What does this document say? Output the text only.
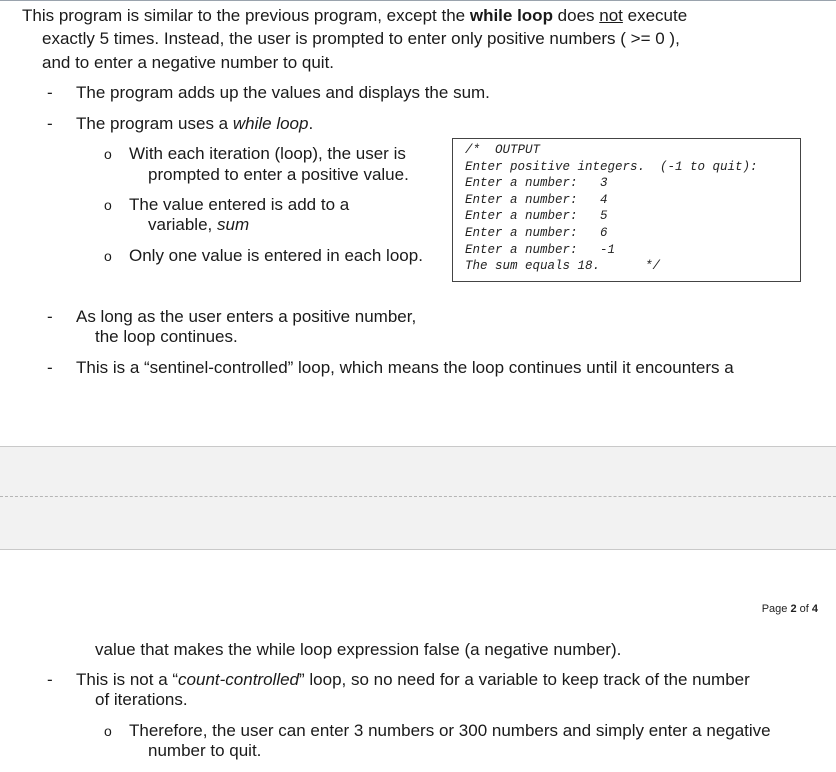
This program is similar to the previous program, except the while loop does not execute
exactly 5 times. Instead, the user is prompted to enter only positive numbers ( >= 0 ),
and to enter a negative number to quit.
- The program adds up the values and displays the sum.
- The program uses a while loop.
o With each iteration (loop), the user is
prompted to enter a positive value.
o The value entered is add to a
variable, sum
o Only one value is entered in each loop.
/*  OUTPUT
Enter positive integers.  (-1 to quit):
Enter a number:   3
Enter a number:   4
Enter a number:   5
Enter a number:   6
Enter a number:   -1
The sum equals 18.      */
- As long as the user enters a positive number,
the loop continues.
- This is a “sentinel-controlled” loop, which means the loop continues until it encounters a
Page 2 of 4
value that makes the while loop expression false (a negative number).
- This is not a “count-controlled” loop, so no need for a variable to keep track of the number
of iterations.
o Therefore, the user can enter 3 numbers or 300 numbers and simply enter a negative
number to quit.
